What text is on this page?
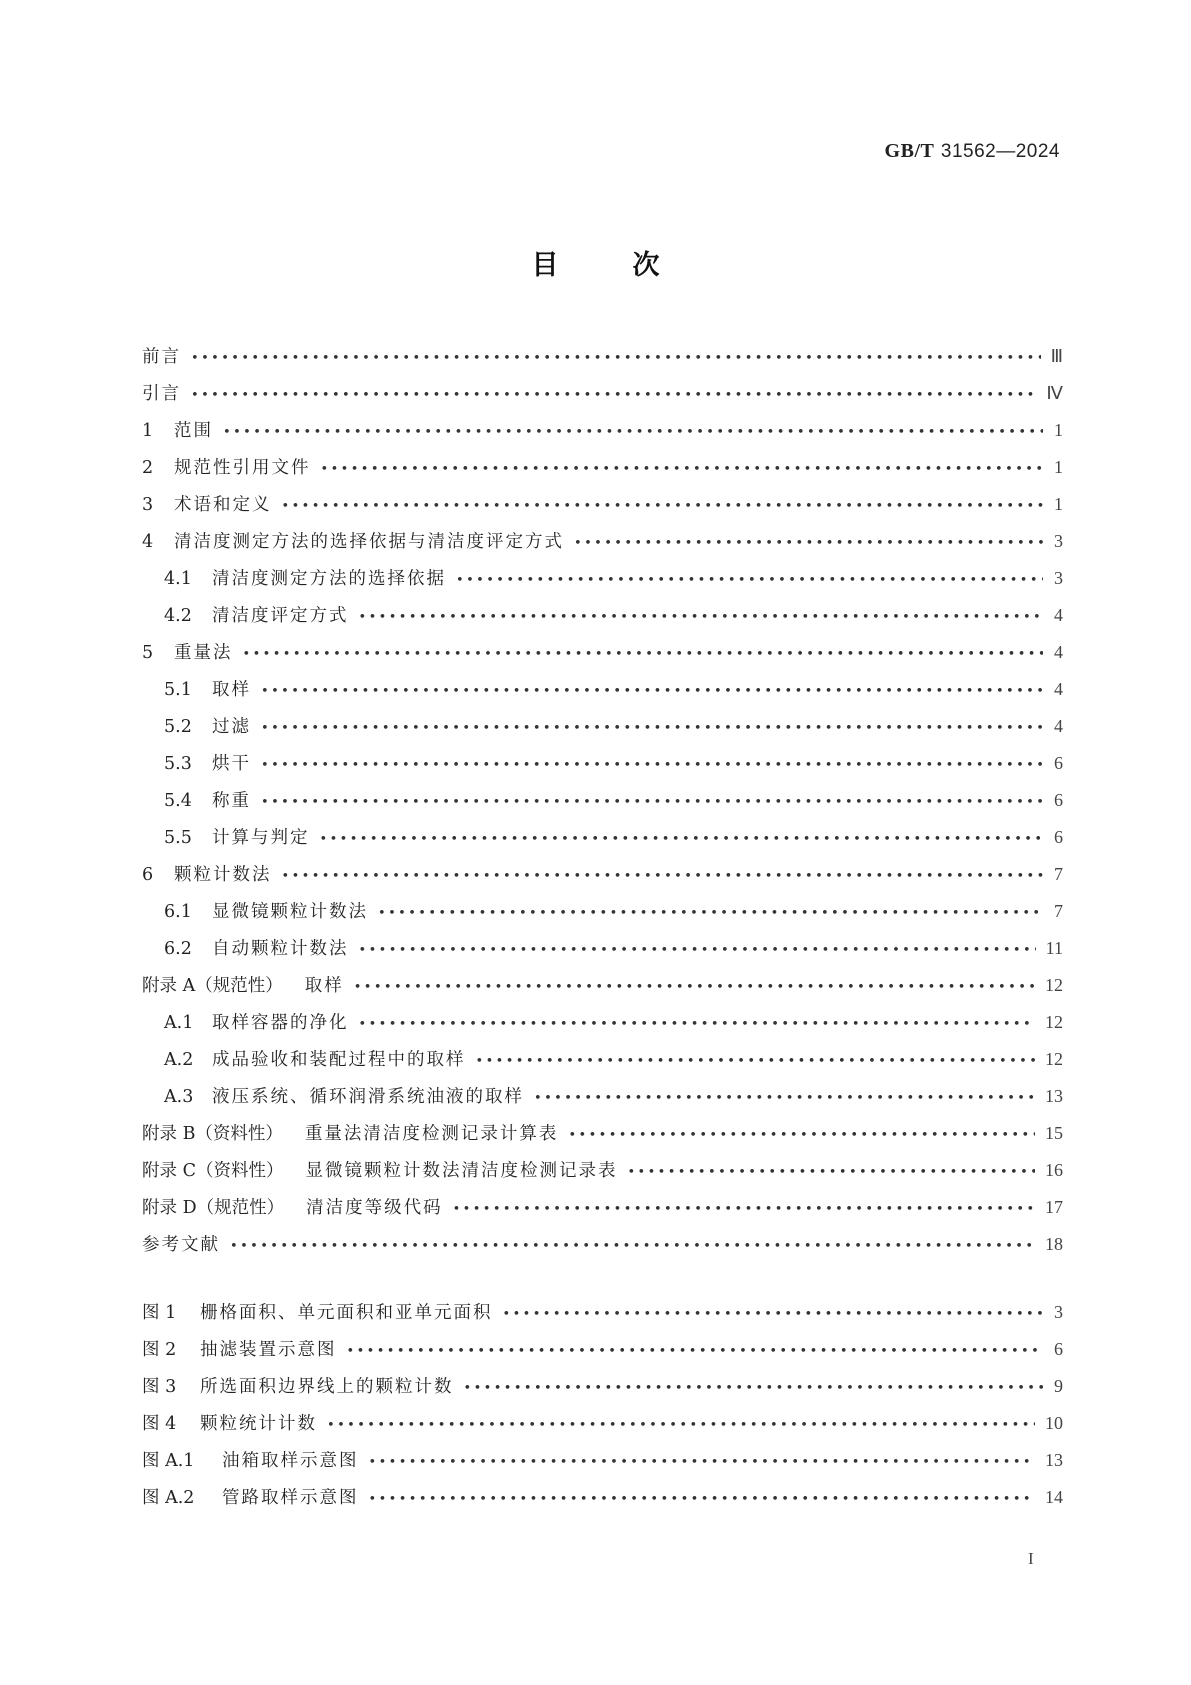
GB/T 31562—2024
目	次
前言 •••••	Ⅲ
引言 •••••	Ⅳ
1	范围 •••••	1
2	规范性引用文件 •••••	1
3	术语和定义 •••••	1
4	清洁度测定方法的选择依据与清洁度评定方式 •••••	3
4.1	清洁度测定方法的选择依据 •••••	3
4.2	清洁度评定方式 •••••	4
5	重量法 •••••	4
5.1	取样 •••••	4
5.2	过滤 •••••	4
5.3	烘干 •••••	6
5.4	称重 •••••	6
5.5	计算与判定 •••••	6
6	颗粒计数法 •••••	7
6.1	显微镜颗粒计数法 •••••	7
6.2	自动颗粒计数法 •••••	11
附录 A（规范性） 取样 •••••	12
A.1	取样容器的净化 •••••	12
A.2	成品验收和装配过程中的取样 •••••	12
A.3	液压系统、循环润滑系统油液的取样 •••••	13
附录 B（资料性） 重量法清洁度检测记录计算表 •••••	15
附录 C（资料性） 显微镜颗粒计数法清洁度检测记录表 •••••	16
附录 D（规范性） 清洁度等级代码 •••••	17
参考文献 •••••	18
图 1	栅格面积、单元面积和亚单元面积 •••••	3
图 2	抽滤装置示意图 •••••	6
图 3	所选面积边界线上的颗粒计数 •••••	9
图 4	颗粒统计计数 •••••	10
图 A.1	油箱取样示意图 •••••	13
图 A.2	管路取样示意图 •••••	14
I
